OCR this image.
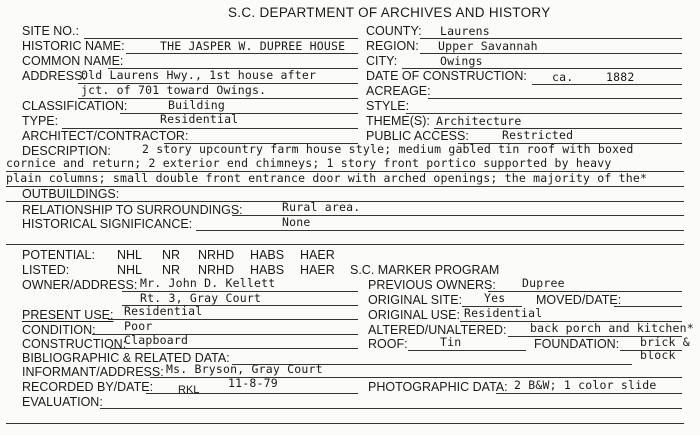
S.C. DEPARTMENT OF ARCHIVES AND HISTORY
SITE NO.:	COUNTY: Laurens
HISTORIC NAME:	THE JASPER W. DUPREE HOUSE REGION: Upper Savannah
COMMON NAME:	CITY:	Owings
ADDRESS:
Old Laurens Hwy., 1st house after
jct. of 701 toward Owings.
DATE OF CONSTRUCTION: ca.	1882
ACREAGE:
CLASSIFICATION:	Building	STYLE:
TYPE:	Residential	THEME(S): Architecture
ARCHITECT/CONTRACTOR:	PUBLIC ACCESS:	Restricted
DESCRIPTION:	2 story upcountry farm house style; medium gabled tin roof with boxed
cornice and return; 2 exterior end chimneys; 1 story front portico supported by heavy
plain columns; small double front entrance door with arched openings; the majority of the*
OUTBUILDINGS:
RELATIONSHIP TO SURROUNDINGS:	Rural area.
HISTORICAL SIGNIFICANCE:	None
POTENTIAL: NHL NR NRHD HABS HAER
LISTED:	NHL NR NRHD HABS HAER S.C. MARKER PROGRAM
OWNER/ADDRESS: Mr. John D. Kellett
Rt. 3, Gray Court
PREVIOUS OWNERS: Dupree
ORIGINAL SITE: Yes MOVED/DATE:
PRESENT USE: Residential	ORIGINAL USE: Residential
CONDITION: Poor	ALTERED/UNALTERED: back porch and kitchen*
CONSTRUCTION:
Clapboard	ROOF:	Tin	FOUNDATION: brick &
block
BIBLIOGRAPHIC & RELATED DATA:
INFORMANT/ADDRESS: Ms. Bryson, Gray Court
RECORDED BY/DATE: RKL 11-8-79	PHOTOGRAPHIC DATA: 2 B&W; 1 color slide
EVALUATION:
